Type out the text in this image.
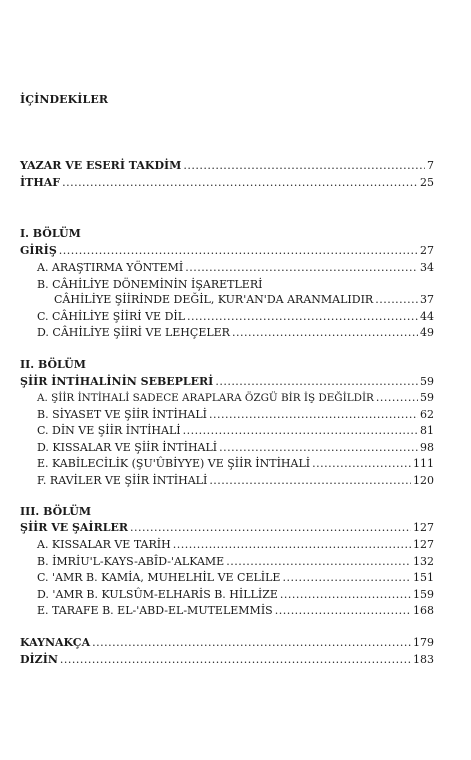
İÇİNDEKİLER
YAZAR VE ESERİ TAKDİM .....	7
İTHAF .....	25
I. BÖLÜM
GİRİŞ .....	27
A. ARAŞTIRMA YÖNTEMİ .....	34
B. CÂHİLİYE DÖNEMİNİN İŞARETLERİ
CÂHİLİYE ŞİİRİNDE DEĞİL, KUR'AN'DA ARANMALIDIR .....	37
C. CÂHİLİYE ŞİİRİ VE DİL .....	44
D. CÂHİLİYE ŞİİRİ VE LEHÇELER .....	49
II. BÖLÜM
ŞİİR İNTİHALİNİN SEBEPLERİ .....	59
A. ŞİİR İNTİHALİ SADECE ARAPLARA ÖZGÜ BİR İŞ DEĞİLDİR .....	59
B. SİYASET VE ŞİİR İNTİHALİ .....	62
C. DİN VE ŞİİR İNTİHALİ .....	81
D. KISSALAR VE ŞİİR İNTİHALİ .....	98
E. KABİLECİLİK (ŞU'ÛBİYYE) VE ŞİİR İNTİHALİ .....	111
F. RAVİLER VE ŞİİR İNTİHALİ .....	120
III. BÖLÜM
ŞİİR VE ŞAİRLER .....	127
A. KISSALAR VE TARİH .....	127
B. İMRİU'L-KAYS-ABÎD-'ALKAME .....	132
C. 'AMR B. KAMİA, MUHELHİL VE CELİLE .....	151
D. 'AMR B. KULSÛM-ELHARİS B. HİLLİZE .....	159
E. TARAFE B. EL-'ABD-EL-MUTELEMMİS .....	168
KAYNAKÇA .....	179
DİZİN .....	183
